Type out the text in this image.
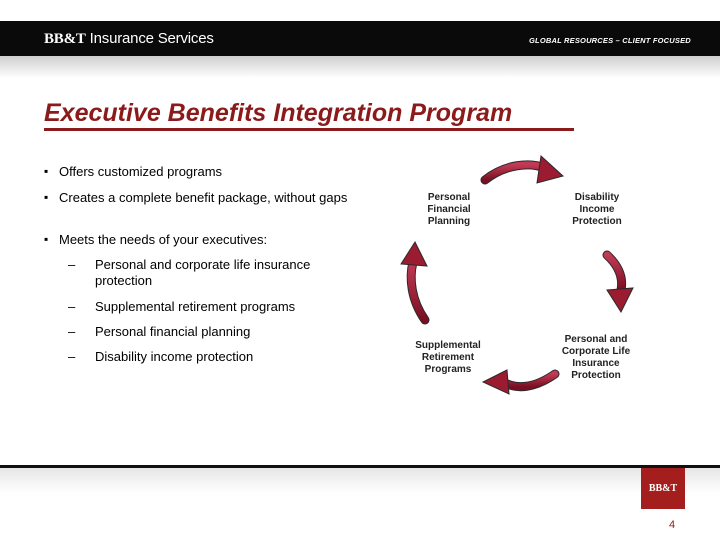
BB&T Insurance Services	GLOBAL RESOURCES – CLIENT FOCUSED
Executive Benefits Integration Program
▪ Offers customized programs
▪ Creates a complete benefit package, without gaps
▪ Meets the needs of your executives:
– Personal and corporate life insurance protection
– Supplemental retirement programs
– Personal financial planning
– Disability income protection
Personal Financial Planning
Disability Income Protection
Personal and Corporate Life Insurance Protection
Supplemental Retirement Programs
BB&T
4
